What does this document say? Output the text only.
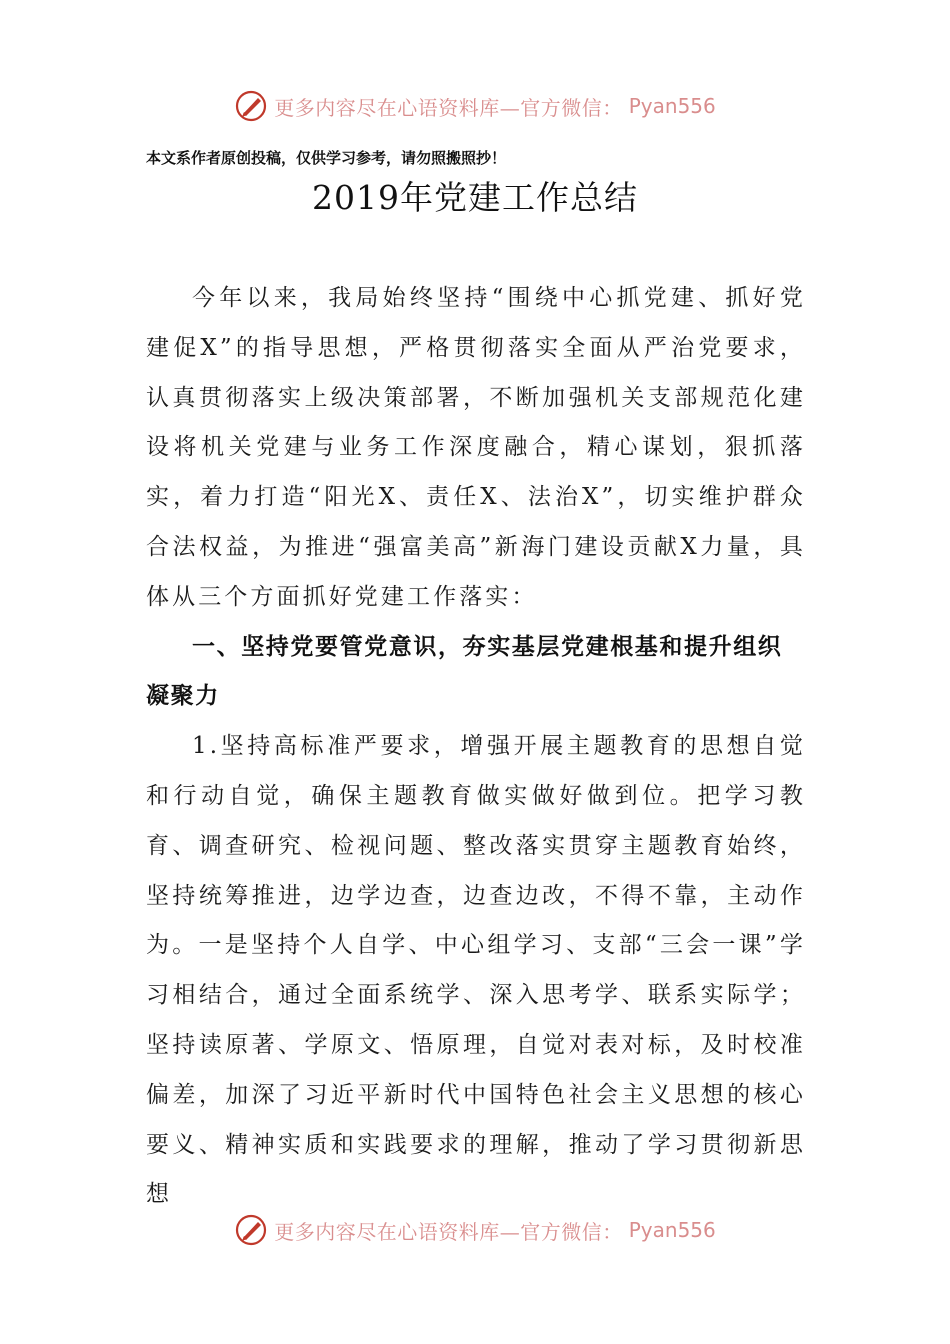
更多内容尽在心语资料库—官方微信： Pyan556
本文系作者原创投稿，仅供学习参考，请勿照搬照抄！
2019年党建工作总结

今年以来，我局始终坚持“围绕中心抓党建、抓好党建促X”的指导思想，严格贯彻落实全面从严治党要求，认真贯彻落实上级决策部署，不断加强机关支部规范化建设将机关党建与业务工作深度融合，精心谋划，狠抓落实，着力打造“阳光X、责任X、法治X”，切实维护群众合法权益，为推进“强富美高”新海门建设贡献X力量，具体从三个方面抓好党建工作落实：

一、坚持党要管党意识，夯实基层党建根基和提升组织凝聚力

1.坚持高标准严要求，增强开展主题教育的思想自觉和行动自觉，确保主题教育做实做好做到位。把学习教育、调查研究、检视问题、整改落实贯穿主题教育始终，坚持统筹推进，边学边查，边查边改，不得不靠，主动作为。一是坚持个人自学、中心组学习、支部“三会一课”学习相结合，通过全面系统学、深入思考学、联系实际学；坚持读原著、学原文、悟原理，自觉对表对标，及时校准偏差，加深了习近平新时代中国特色社会主义思想的核心要义、精神实质和实践要求的理解，推动了学习贯彻新思想

更多内容尽在心语资料库—官方微信： Pyan556
